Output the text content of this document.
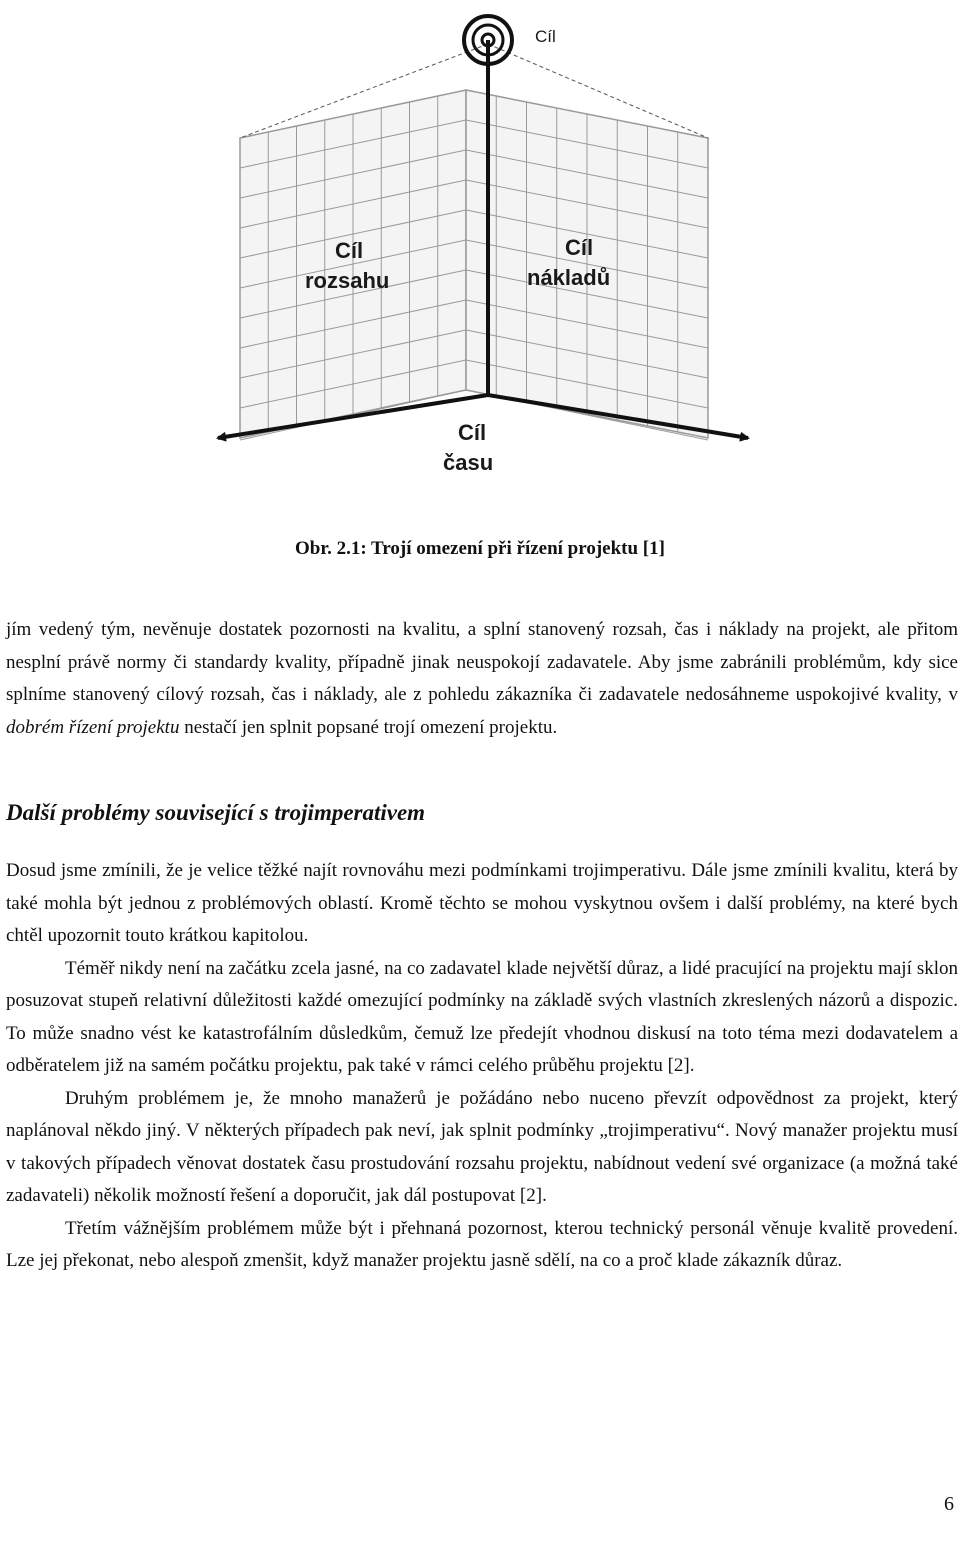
Cíl
Cíl
rozsahu
Cíl
nákladů
Cíl
času
Obr. 2.1: Trojí omezení při řízení projektu [1]

jím vedený tým, nevěnuje dostatek pozornosti na kvalitu, a splní stanovený rozsah, čas i náklady na projekt, ale přitom nesplní právě normy či standardy kvality, případně jinak neuspokojí zadavatele. Aby jsme zabránili problémům, kdy sice splníme stanovený cílový rozsah, čas i náklady, ale z pohledu zákazníka či zadavatele nedosáhneme uspokojivé kvality, v dobrém řízení projektu nestačí jen splnit popsané trojí omezení projektu.

Další problémy související s trojimperativem

Dosud jsme zmínili, že je velice těžké najít rovnováhu mezi podmínkami trojimperativu. Dále jsme zmínili kvalitu, která by také mohla být jednou z problémových oblastí. Kromě těchto se mohou vyskytnou ovšem i další problémy, na které bych chtěl upozornit touto krátkou kapitolou.

Téměř nikdy není na začátku zcela jasné, na co zadavatel klade největší důraz, a lidé pracující na projektu mají sklon posuzovat stupeň relativní důležitosti každé omezující podmínky na základě svých vlastních zkreslených názorů a dispozic. To může snadno vést ke katastrofálním důsledkům, čemuž lze předejít vhodnou diskusí na toto téma mezi dodavatelem a odběratelem již na samém počátku projektu, pak také v rámci celého průběhu projektu [2].

Druhým problémem je, že mnoho manažerů je požádáno nebo nuceno převzít odpovědnost za projekt, který naplánoval někdo jiný. V některých případech pak neví, jak splnit podmínky „trojimperativu“. Nový manažer projektu musí v takových případech věnovat dostatek času prostudování rozsahu projektu, nabídnout vedení své organizace (a možná také zadavateli) několik možností řešení a doporučit, jak dál postupovat [2].

Třetím vážnějším problémem může být i přehnaná pozornost, kterou technický personál věnuje kvalitě provedení. Lze jej překonat, nebo alespoň zmenšit, když manažer projektu jasně sdělí, na co a proč klade zákazník důraz.

6
